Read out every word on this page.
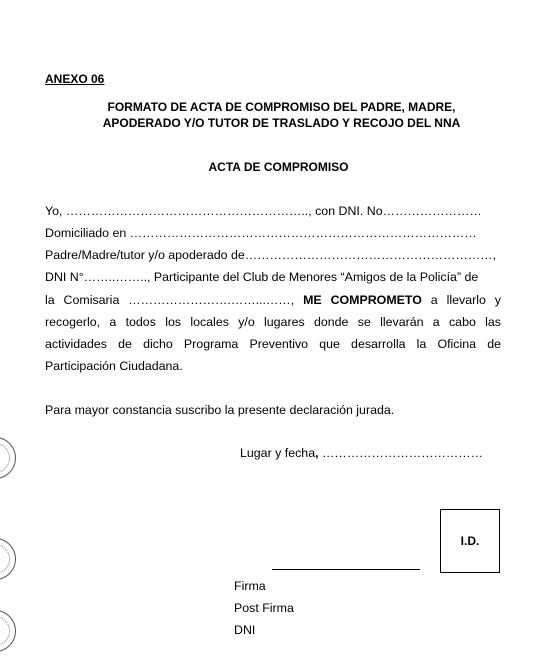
ANEXO 06
FORMATO DE ACTA DE COMPROMISO DEL PADRE, MADRE,
APODERADO Y/O TUTOR DE TRASLADO Y RECOJO DEL NNA
ACTA DE COMPROMISO
Yo, ………………………………………………….., con DNI. No……………………
Domiciliado en …………………………………………………………………………
Padre/Madre/tutor y/o apoderado de……………………………………………………,
DNI N°……..…….., Participante del Club de Menores “Amigos de la Policía” de
la Comisaria …………………….……...……, ME COMPROMETO a llevarlo y
recogerlo, a todos los locales y/o lugares donde se llevarán a cabo las
actividades de dicho Programa Preventivo que desarrolla la Oficina de
Participación Ciudadana.
Para mayor constancia suscribo la presente declaración jurada.
Lugar y fecha, …………………………………
I.D.
Firma
Post Firma
DNI
